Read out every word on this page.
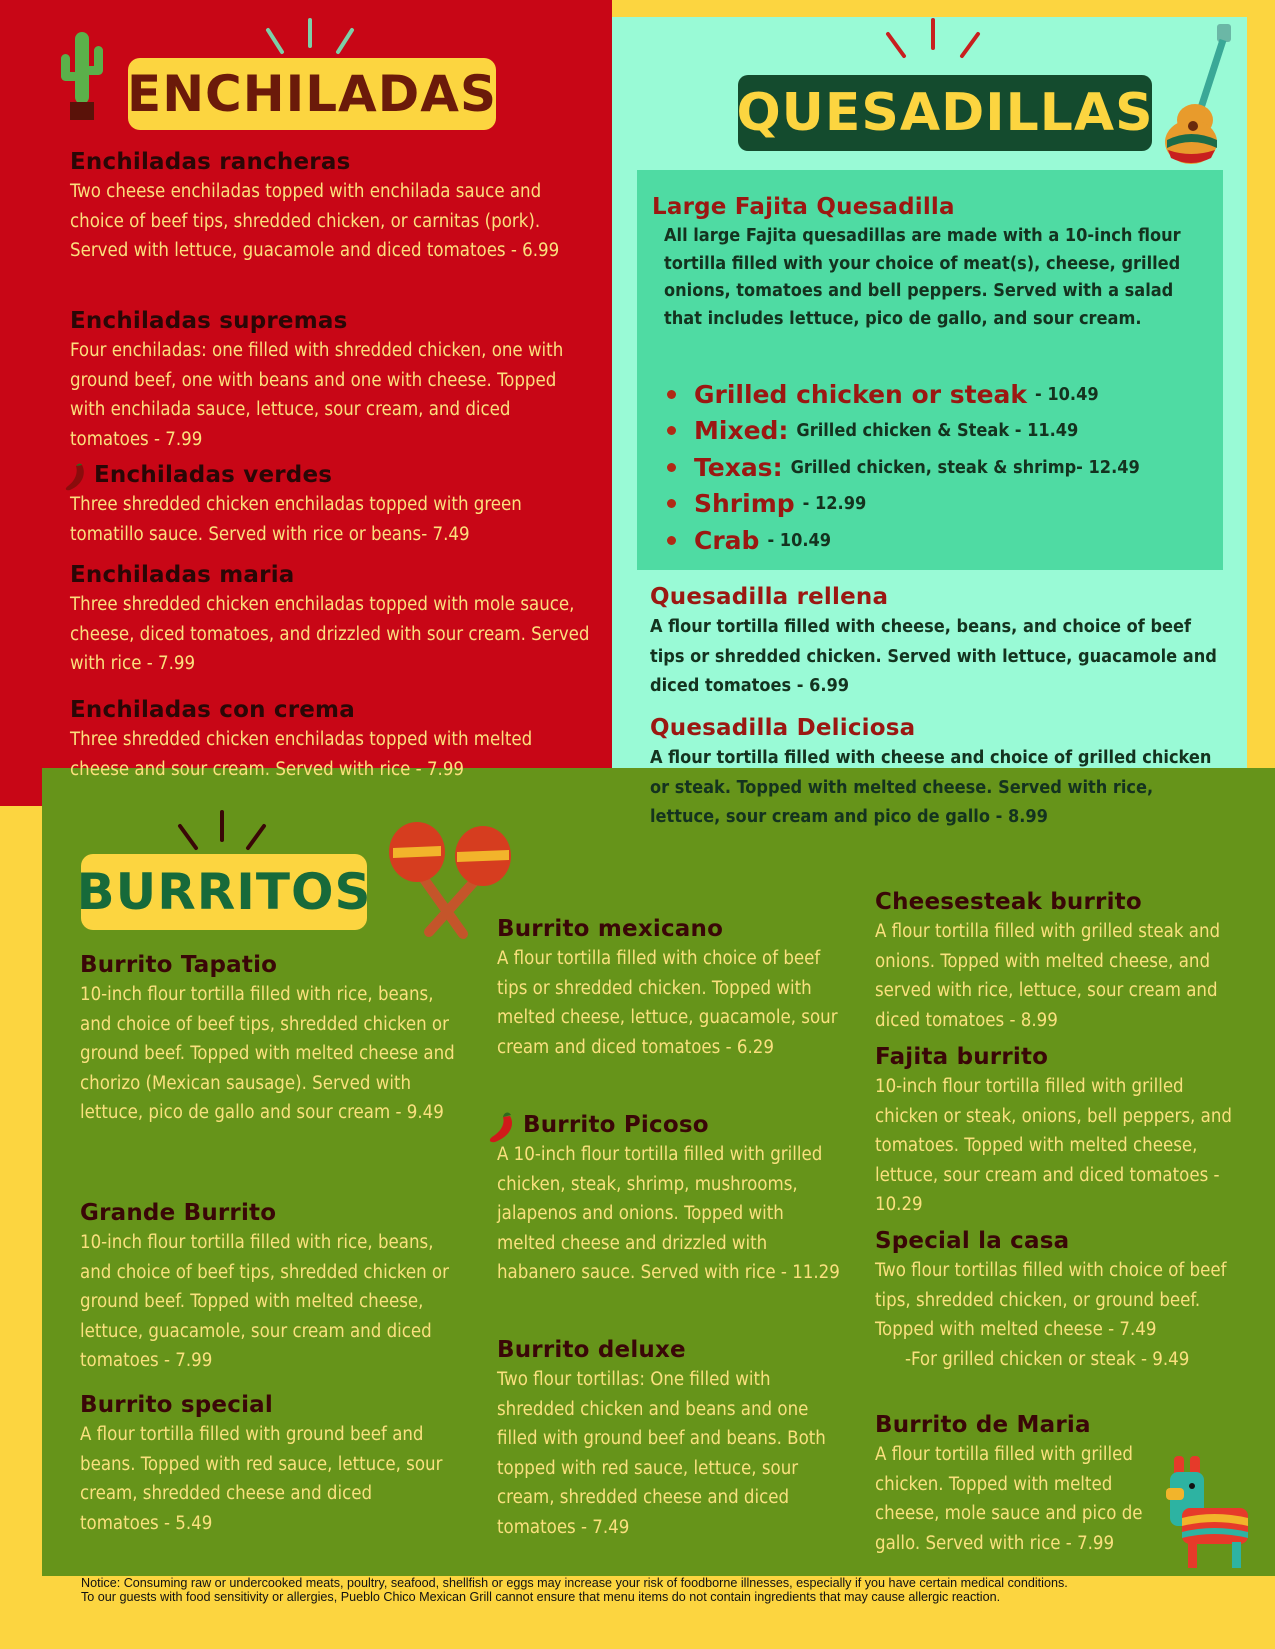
ENCHILADAS
Enchiladas rancheras

Two cheese enchiladas topped with enchilada sauce and choice of beef tips, shredded chicken, or carnitas (pork). Served with lettuce, guacamole and diced tomatoes - 6.99

Enchiladas supremas

Four enchiladas: one filled with shredded chicken, one with ground beef, one with beans and one with cheese. Topped with enchilada sauce, lettuce, sour cream, and diced tomatoes - 7.99

Enchiladas verdes

Three shredded chicken enchiladas topped with green tomatillo sauce. Served with rice or beans- 7.49

Enchiladas maria

Three shredded chicken enchiladas topped with mole sauce, cheese, diced tomatoes, and drizzled with sour cream. Served with rice - 7.99

Enchiladas con crema

Three shredded chicken enchiladas topped with melted cheese and sour cream. Served with rice - 7.99

QUESADILLAS
Large Fajita Quesadilla

All large Fajita quesadillas are made with a 10-inch flour tortilla filled with your choice of meat(s), cheese, grilled onions, tomatoes and bell peppers. Served with a salad that includes lettuce, pico de gallo, and sour cream.

Grilled chicken or steak - 10.49
Mixed: Grilled chicken & Steak - 11.49
Texas: Grilled chicken, steak & shrimp- 12.49
Shrimp - 12.99
Crab - 10.49
Quesadilla rellena

A flour tortilla filled with cheese, beans, and choice of beef tips or shredded chicken. Served with lettuce, guacamole and diced tomatoes - 6.99

Quesadilla Deliciosa

A flour tortilla filled with cheese and choice of grilled chicken or steak. Topped with melted cheese. Served with rice, lettuce, sour cream and pico de gallo - 8.99

BURRITOS
Burrito Tapatio

10-inch flour tortilla filled with rice, beans, and choice of beef tips, shredded chicken or ground beef. Topped with melted cheese and chorizo (Mexican sausage). Served with lettuce, pico de gallo and sour cream - 9.49

Grande Burrito

10-inch flour tortilla filled with rice, beans, and choice of beef tips, shredded chicken or ground beef. Topped with melted cheese, lettuce, guacamole, sour cream and diced tomatoes - 7.99

Burrito special

A flour tortilla filled with ground beef and beans. Topped with red sauce, lettuce, sour cream, shredded cheese and diced tomatoes - 5.49

Burrito mexicano

A flour tortilla filled with choice of beef tips or shredded chicken. Topped with melted cheese, lettuce, guacamole, sour cream and diced tomatoes - 6.29

Burrito Picoso

A 10-inch flour tortilla filled with grilled chicken, steak, shrimp, mushrooms, jalapenos and onions. Topped with melted cheese and drizzled with habanero sauce. Served with rice - 11.29

Burrito deluxe

Two flour tortillas: One filled with shredded chicken and beans and one filled with ground beef and beans. Both topped with red sauce, lettuce, sour cream, shredded cheese and diced tomatoes - 7.49

Cheesesteak burrito

A flour tortilla filled with grilled steak and onions. Topped with melted cheese, and served with rice, lettuce, sour cream and diced tomatoes - 8.99

Fajita burrito

10-inch flour tortilla filled with grilled chicken or steak, onions, bell peppers, and tomatoes. Topped with melted cheese, lettuce, sour cream and diced tomatoes - 10.29

Special la casa

Two flour tortillas filled with choice of beef tips, shredded chicken, or ground beef. Topped with melted cheese - 7.49

-For grilled chicken or steak - 9.49

Burrito de Maria

A flour tortilla filled with grilled chicken. Topped with melted cheese, mole sauce and pico de gallo. Served with rice - 7.99

Notice: Consuming raw or undercooked meats, poultry, seafood, shellfish or eggs may increase your risk of foodborne illnesses, especially if you have certain medical conditions.

To our guests with food sensitivity or allergies, Pueblo Chico Mexican Grill cannot ensure that menu items do not contain ingredients that may cause allergic reaction.
